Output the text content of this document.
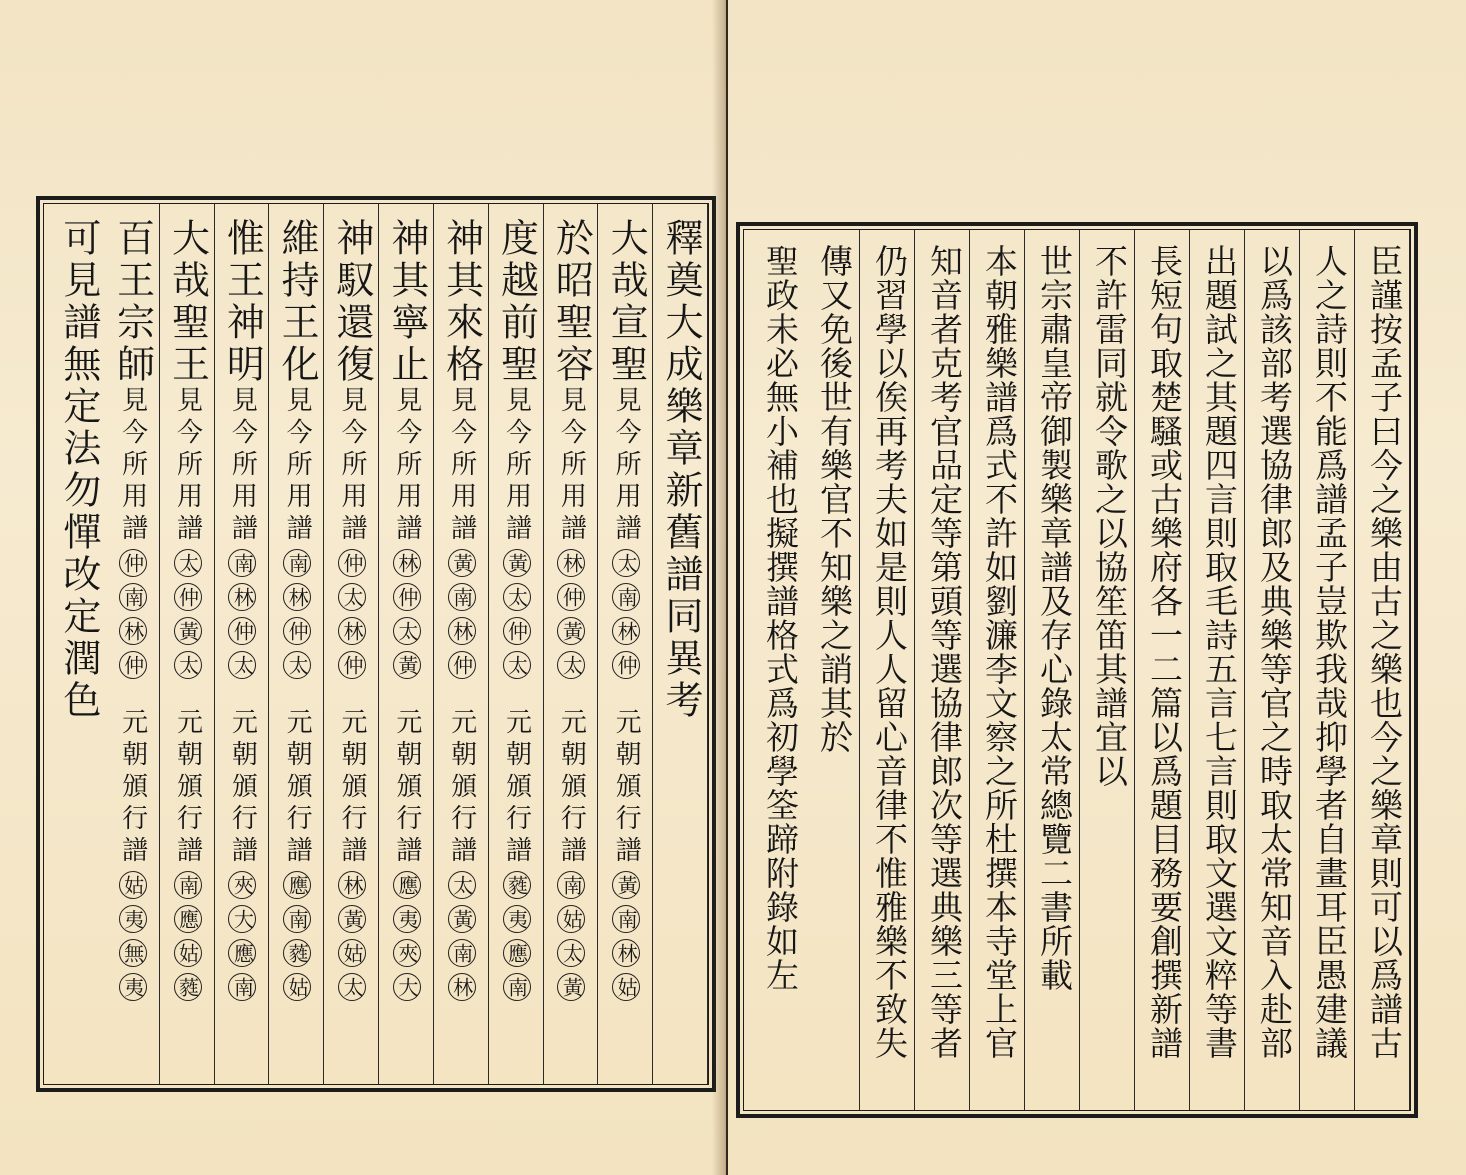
釋奠大成樂章新舊譜同異考
大哉宣聖見今所用譜太南林仲元朝頒行譜黃南林姑
於昭聖容見今所用譜林仲黃太元朝頒行譜南姑太黃
度越前聖見今所用譜黃太仲太元朝頒行譜蕤夷應南
神其來格見今所用譜黃南林仲元朝頒行譜太黃南林
神其寧止見今所用譜林仲太黃元朝頒行譜應夷夾大
神馭還復見今所用譜仲太林仲元朝頒行譜林黃姑太
維持王化見今所用譜南林仲太元朝頒行譜應南蕤姑
惟王神明見今所用譜南林仲太元朝頒行譜夾大應南
大哉聖王見今所用譜太仲黃太元朝頒行譜南應姑蕤
百王宗師見今所用譜仲南林仲元朝頒行譜姑夷無夷
可見譜無定法勿憚改定潤色	臣謹按孟子曰今之樂由古之樂也今之樂章則可以爲譜古
人之詩則不能爲譜孟子豈欺我哉抑學者自畫耳臣愚建議
以爲該部考選協律郎及典樂等官之時取太常知音入赴部
出題試之其題四言則取毛詩五言七言則取文選文粹等書
長短句取楚騷或古樂府各一二篇以爲題目務要創撰新譜
不許雷同就令歌之以協笙笛其譜宜以
世宗肅皇帝御製樂章譜及存心錄太常總覽二書所載
本朝雅樂譜爲式不許如劉濂李文察之所杜撰本寺堂上官
知音者克考官品定等第頭等選協律郎次等選典樂三等者
仍習學以俟再考夫如是則人人留心音律不惟雅樂不致失
傳又免後世有樂官不知樂之誚其於
聖政未必無小補也擬撰譜格式爲初學筌蹄附錄如左
